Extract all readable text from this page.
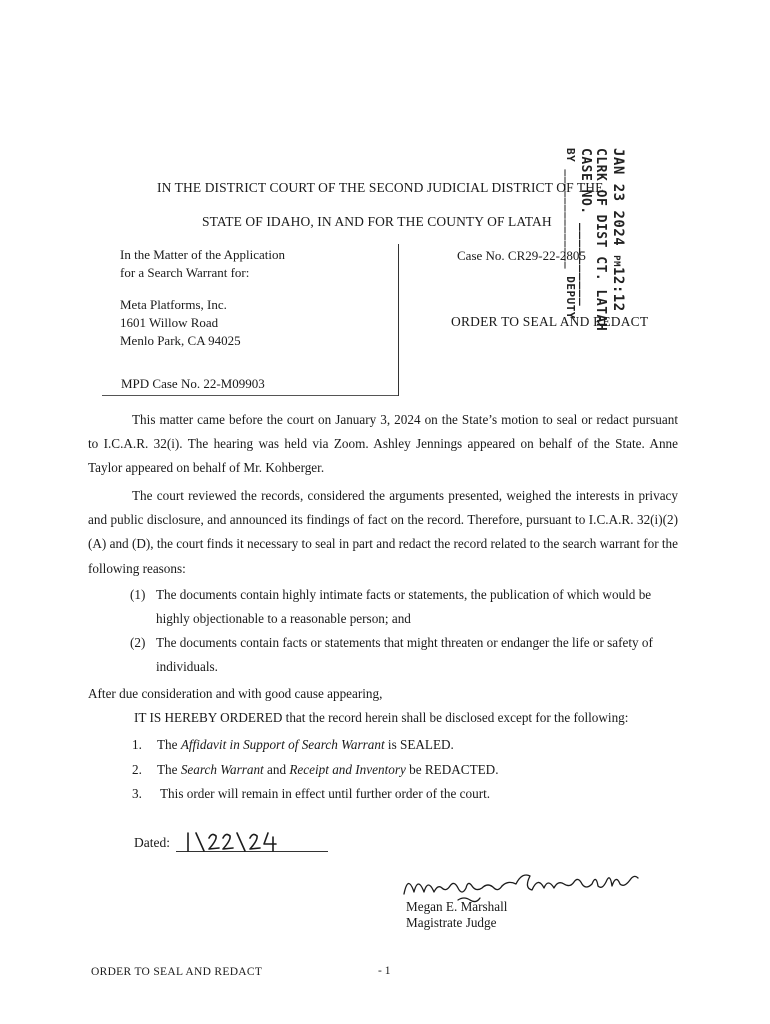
JAN 23 2024 PM12:12
CLRK OF DIST CT. LATAH
CASE NO. __________
BY ______________ DEPUTY
IN THE DISTRICT COURT OF THE SECOND JUDICIAL DISTRICT OF THE
STATE OF IDAHO, IN AND FOR THE COUNTY OF LATAH
In the Matter of the Application
for a Search Warrant for:
Meta Platforms, Inc.
1601 Willow Road
Menlo Park, CA 94025
MPD Case No. 22-M09903
Case No. CR29-22-2805
ORDER TO SEAL AND REDACT
This matter came before the court on January 3, 2024 on the State’s motion to seal or redact pursuant to I.C.A.R. 32(i). The hearing was held via Zoom. Ashley Jennings appeared on behalf of the State. Anne Taylor appeared on behalf of Mr. Kohberger.
The court reviewed the records, considered the arguments presented, weighed the interests in privacy and public disclosure, and announced its findings of fact on the record. Therefore, pursuant to I.C.A.R. 32(i)(2)(A) and (D), the court finds it necessary to seal in part and redact the record related to the search warrant for the following reasons:
(1) The documents contain highly intimate facts or statements, the publication of which would be highly objectionable to a reasonable person; and
(2) The documents contain facts or statements that might threaten or endanger the life or safety of individuals.
After due consideration and with good cause appearing,
IT IS HEREBY ORDERED that the record herein shall be disclosed except for the following:
1. The Affidavit in Support of Search Warrant is SEALED.
2. The Search Warrant and Receipt and Inventory be REDACTED.
3. This order will remain in effect until further order of the court.
Dated:
Megan E. Marshall
Magistrate Judge
ORDER TO SEAL AND REDACT	- 1
